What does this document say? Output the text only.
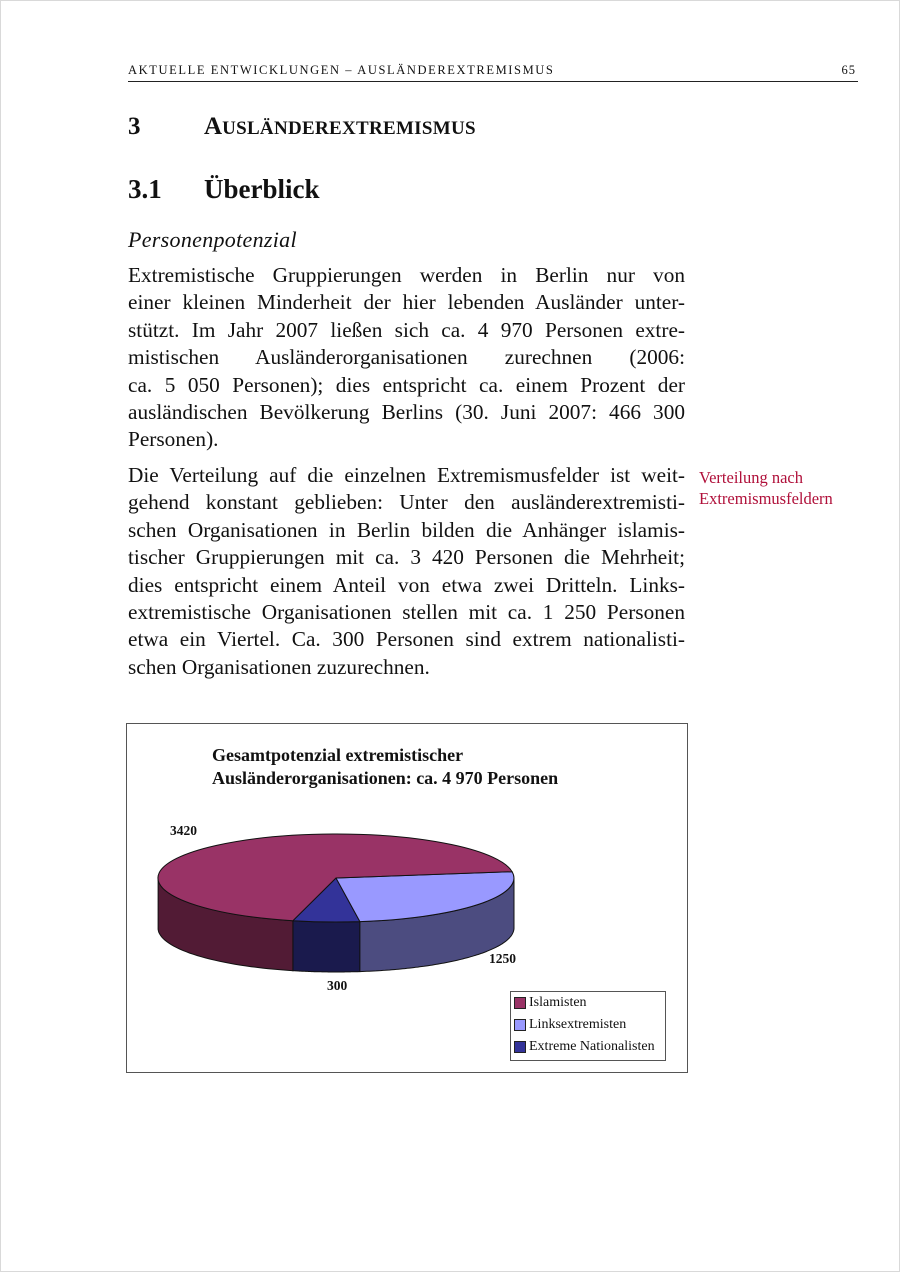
AKTUELLE ENTWICKLUNGEN – AUSLÄNDEREXTREMISMUS	65
3	AUSLÄNDEREXTREMISMUS
3.1 Überblick
Personenpotenzial
Extremistische Gruppierungen werden in Berlin nur von
einer kleinen Minderheit der hier lebenden Ausländer unter-
stützt. Im Jahr 2007 ließen sich ca. 4 970 Personen extre-
mistischen Ausländerorganisationen zurechnen (2006:
ca. 5 050 Personen); dies entspricht ca. einem Prozent der
ausländischen Bevölkerung Berlins (30. Juni 2007: 466 300
Personen).
Die Verteilung auf die einzelnen Extremismusfelder ist weit-
gehend konstant geblieben: Unter den ausländerextremisti-
schen Organisationen in Berlin bilden die Anhänger islamis-
tischer Gruppierungen mit ca. 3 420 Personen die Mehrheit;
dies entspricht einem Anteil von etwa zwei Dritteln. Links-
extremistische Organisationen stellen mit ca. 1 250 Personen
etwa ein Viertel. Ca. 300 Personen sind extrem nationalisti-
schen Organisationen zuzurechnen.
Verteilung nach
Extremismusfeldern
Gesamtpotenzial extremistischer
Ausländerorganisationen: ca. 4 970 Personen
3420
1250
300
Islamisten
Linksextremisten
Extreme Nationalisten
